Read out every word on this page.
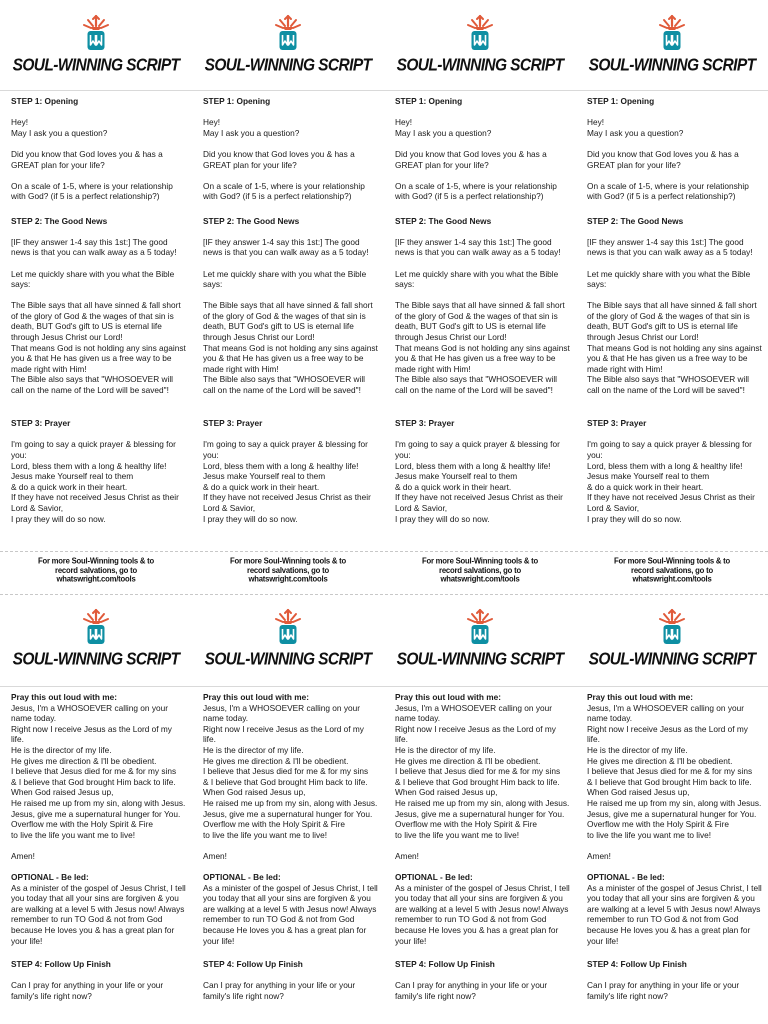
SOUL-WINNING SCRIPT
STEP 1: Opening
Hey!
May I ask you a question?
Did you know that God loves you & has a GREAT plan for your life?
On a scale of 1-5, where is your relationship with God? (if 5 is a perfect relationship?)
STEP 2: The Good News
[IF they answer 1-4 say this 1st:] The good news is that you can walk away as a 5 today!
Let me quickly share with you what the Bible says:
The Bible says that all have sinned & fall short of the glory of God & the wages of that sin is death, BUT God's gift to US is eternal life through Jesus Christ our Lord!
That means God is not holding any sins against you & that He has given us a free way to be made right with Him!
The Bible also says that "WHOSOEVER will call on the name of the Lord will be saved"!
STEP 3: Prayer
I'm going to say a quick prayer & blessing for you:
Lord, bless them with a long & healthy life!
Jesus make Yourself real to them
& do a quick work in their heart.
If they have not received Jesus Christ as their Lord & Savior,
I pray they will do so now.
For more Soul-Winning tools & to
record salvations, go to
whatswright.com/tools
SOUL-WINNING SCRIPT
STEP 1: Opening
Hey!
May I ask you a question?
Did you know that God loves you & has a GREAT plan for your life?
On a scale of 1-5, where is your relationship with God? (if 5 is a perfect relationship?)
STEP 2: The Good News
[IF they answer 1-4 say this 1st:] The good news is that you can walk away as a 5 today!
Let me quickly share with you what the Bible says:
The Bible says that all have sinned & fall short of the glory of God & the wages of that sin is death, BUT God's gift to US is eternal life through Jesus Christ our Lord!
That means God is not holding any sins against you & that He has given us a free way to be made right with Him!
The Bible also says that "WHOSOEVER will call on the name of the Lord will be saved"!
STEP 3: Prayer
I'm going to say a quick prayer & blessing for you:
Lord, bless them with a long & healthy life!
Jesus make Yourself real to them
& do a quick work in their heart.
If they have not received Jesus Christ as their Lord & Savior,
I pray they will do so now.
For more Soul-Winning tools & to
record salvations, go to
whatswright.com/tools
SOUL-WINNING SCRIPT
STEP 1: Opening
Hey!
May I ask you a question?
Did you know that God loves you & has a GREAT plan for your life?
On a scale of 1-5, where is your relationship with God? (if 5 is a perfect relationship?)
STEP 2: The Good News
[IF they answer 1-4 say this 1st:] The good news is that you can walk away as a 5 today!
Let me quickly share with you what the Bible says:
The Bible says that all have sinned & fall short of the glory of God & the wages of that sin is death, BUT God's gift to US is eternal life through Jesus Christ our Lord!
That means God is not holding any sins against you & that He has given us a free way to be made right with Him!
The Bible also says that "WHOSOEVER will call on the name of the Lord will be saved"!
STEP 3: Prayer
I'm going to say a quick prayer & blessing for you:
Lord, bless them with a long & healthy life!
Jesus make Yourself real to them
& do a quick work in their heart.
If they have not received Jesus Christ as their Lord & Savior,
I pray they will do so now.
For more Soul-Winning tools & to
record salvations, go to
whatswright.com/tools
SOUL-WINNING SCRIPT
STEP 1: Opening
Hey!
May I ask you a question?
Did you know that God loves you & has a GREAT plan for your life?
On a scale of 1-5, where is your relationship with God? (if 5 is a perfect relationship?)
STEP 2: The Good News
[IF they answer 1-4 say this 1st:] The good news is that you can walk away as a 5 today!
Let me quickly share with you what the Bible says:
The Bible says that all have sinned & fall short of the glory of God & the wages of that sin is death, BUT God's gift to US is eternal life through Jesus Christ our Lord!
That means God is not holding any sins against you & that He has given us a free way to be made right with Him!
The Bible also says that "WHOSOEVER will call on the name of the Lord will be saved"!
STEP 3: Prayer
I'm going to say a quick prayer & blessing for you:
Lord, bless them with a long & healthy life!
Jesus make Yourself real to them
& do a quick work in their heart.
If they have not received Jesus Christ as their Lord & Savior,
I pray they will do so now.
For more Soul-Winning tools & to
record salvations, go to
whatswright.com/tools
SOUL-WINNING SCRIPT
Pray this out loud with me:
Jesus, I'm a WHOSOEVER calling on your name today.
Right now I receive Jesus as the Lord of my life.
He is the director of my life.
He gives me direction & I'll be obedient.
I believe that Jesus died for me & for my sins
& I believe that God brought Him back to life.
When God raised Jesus up,
He raised me up from my sin, along with Jesus.
Jesus, give me a supernatural hunger for You.
Overflow me with the Holy Spirit & Fire
to live the life you want me to live!
Amen!
OPTIONAL - Be led:
As a minister of the gospel of Jesus Christ, I tell you today that all your sins are forgiven & you are walking at a level 5 with Jesus now! Always remember to run TO God & not from God because He loves you & has a great plan for your life!
STEP 4: Follow Up Finish
Can I pray for anything in your life or your family's life right now?
SOUL-WINNING SCRIPT
Pray this out loud with me:
Jesus, I'm a WHOSOEVER calling on your name today.
Right now I receive Jesus as the Lord of my life.
He is the director of my life.
He gives me direction & I'll be obedient.
I believe that Jesus died for me & for my sins
& I believe that God brought Him back to life.
When God raised Jesus up,
He raised me up from my sin, along with Jesus.
Jesus, give me a supernatural hunger for You.
Overflow me with the Holy Spirit & Fire
to live the life you want me to live!
Amen!
OPTIONAL - Be led:
As a minister of the gospel of Jesus Christ, I tell you today that all your sins are forgiven & you are walking at a level 5 with Jesus now! Always remember to run TO God & not from God because He loves you & has a great plan for your life!
STEP 4: Follow Up Finish
Can I pray for anything in your life or your family's life right now?
SOUL-WINNING SCRIPT
Pray this out loud with me:
Jesus, I'm a WHOSOEVER calling on your name today.
Right now I receive Jesus as the Lord of my life.
He is the director of my life.
He gives me direction & I'll be obedient.
I believe that Jesus died for me & for my sins
& I believe that God brought Him back to life.
When God raised Jesus up,
He raised me up from my sin, along with Jesus.
Jesus, give me a supernatural hunger for You.
Overflow me with the Holy Spirit & Fire
to live the life you want me to live!
Amen!
OPTIONAL - Be led:
As a minister of the gospel of Jesus Christ, I tell you today that all your sins are forgiven & you are walking at a level 5 with Jesus now! Always remember to run TO God & not from God because He loves you & has a great plan for your life!
STEP 4: Follow Up Finish
Can I pray for anything in your life or your family's life right now?
SOUL-WINNING SCRIPT
Pray this out loud with me:
Jesus, I'm a WHOSOEVER calling on your name today.
Right now I receive Jesus as the Lord of my life.
He is the director of my life.
He gives me direction & I'll be obedient.
I believe that Jesus died for me & for my sins
& I believe that God brought Him back to life.
When God raised Jesus up,
He raised me up from my sin, along with Jesus.
Jesus, give me a supernatural hunger for You.
Overflow me with the Holy Spirit & Fire
to live the life you want me to live!
Amen!
OPTIONAL - Be led:
As a minister of the gospel of Jesus Christ, I tell you today that all your sins are forgiven & you are walking at a level 5 with Jesus now! Always remember to run TO God & not from God because He loves you & has a great plan for your life!
STEP 4: Follow Up Finish
Can I pray for anything in your life or your family's life right now?
